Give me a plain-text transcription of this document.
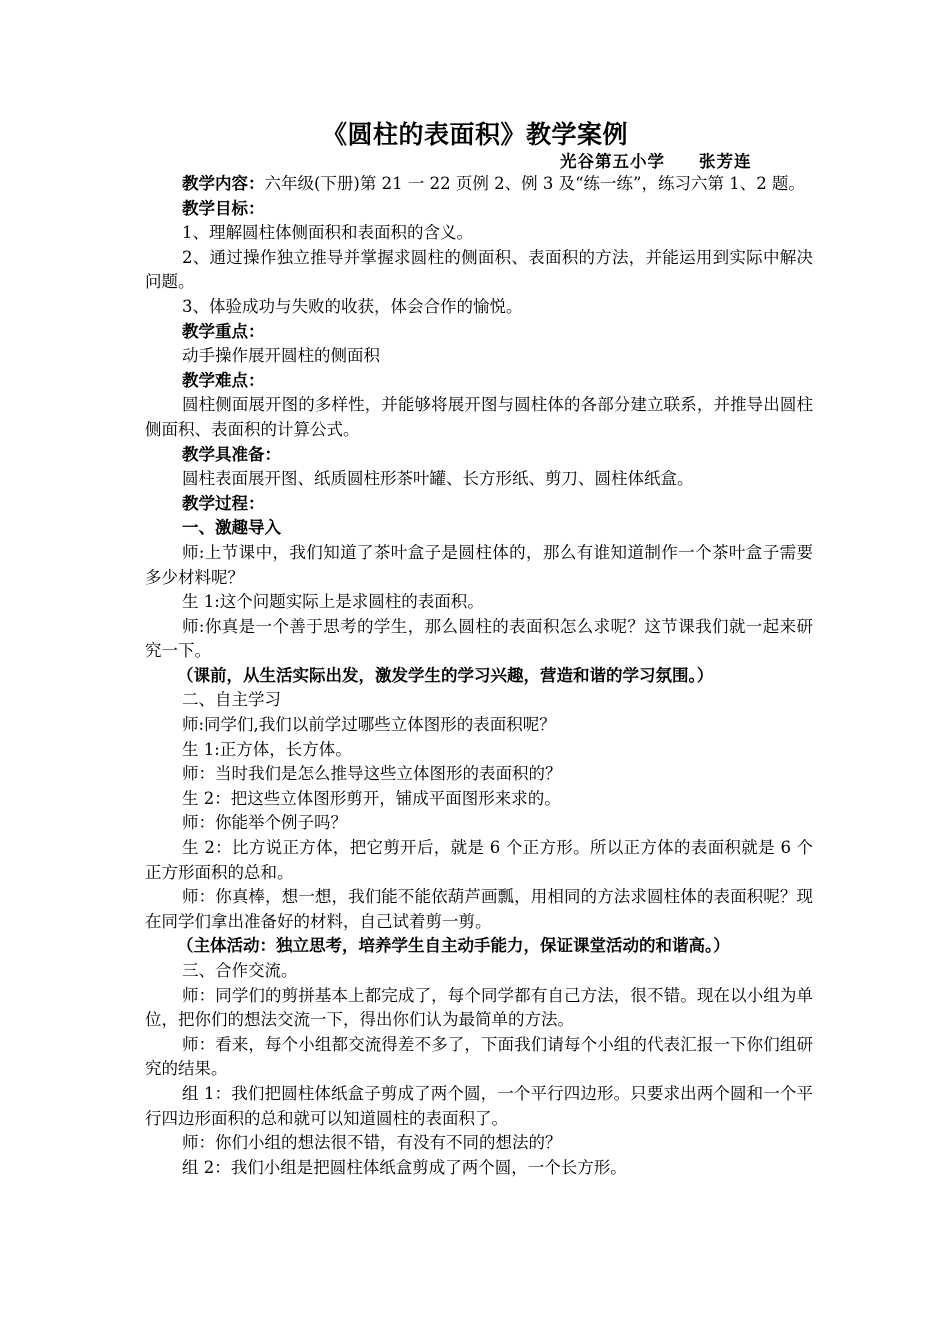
《圆柱的表面积》教学案例
光谷第五小学 张芳连

教学内容：六年级(下册)第 21 一 22 页例 2、例 3 及“练一练”，练习六第 1、2 题。

教学目标：

1、理解圆柱体侧面积和表面积的含义。

2、通过操作独立推导并掌握求圆柱的侧面积、表面积的方法，并能运用到实际中解决问题。

3、体验成功与失败的收获，体会合作的愉悦。

教学重点：

动手操作展开圆柱的侧面积

教学难点：

圆柱侧面展开图的多样性，并能够将展开图与圆柱体的各部分建立联系，并推导出圆柱侧面积、表面积的计算公式。

教学具准备：

圆柱表面展开图、纸质圆柱形茶叶罐、长方形纸、剪刀、圆柱体纸盒。

教学过程：

一、激趣导入

师:上节课中，我们知道了茶叶盒子是圆柱体的，那么有谁知道制作一个茶叶盒子需要多少材料呢？

生 1:这个问题实际上是求圆柱的表面积。

师:你真是一个善于思考的学生，那么圆柱的表面积怎么求呢？这节课我们就一起来研究一下。

（课前，从生活实际出发，激发学生的学习兴趣，营造和谐的学习氛围。）

二、自主学习

师:同学们,我们以前学过哪些立体图形的表面积呢？

生 1:正方体，长方体。

师：当时我们是怎么推导这些立体图形的表面积的？

生 2：把这些立体图形剪开，铺成平面图形来求的。

师：你能举个例子吗？

生 2：比方说正方体，把它剪开后，就是 6 个正方形。所以正方体的表面积就是 6 个正方形面积的总和。

师：你真棒，想一想，我们能不能依葫芦画瓢，用相同的方法求圆柱体的表面积呢？现在同学们拿出准备好的材料，自己试着剪一剪。

（主体活动：独立思考，培养学生自主动手能力，保证课堂活动的和谐高。）

三、合作交流。

师：同学们的剪拼基本上都完成了，每个同学都有自己方法，很不错。现在以小组为单位，把你们的想法交流一下，得出你们认为最简单的方法。

师：看来，每个小组都交流得差不多了，下面我们请每个小组的代表汇报一下你们组研究的结果。

组 1：我们把圆柱体纸盒子剪成了两个圆，一个平行四边形。只要求出两个圆和一个平行四边形面积的总和就可以知道圆柱的表面积了。

师：你们小组的想法很不错，有没有不同的想法的？

组 2：我们小组是把圆柱体纸盒剪成了两个圆，一个长方形。
